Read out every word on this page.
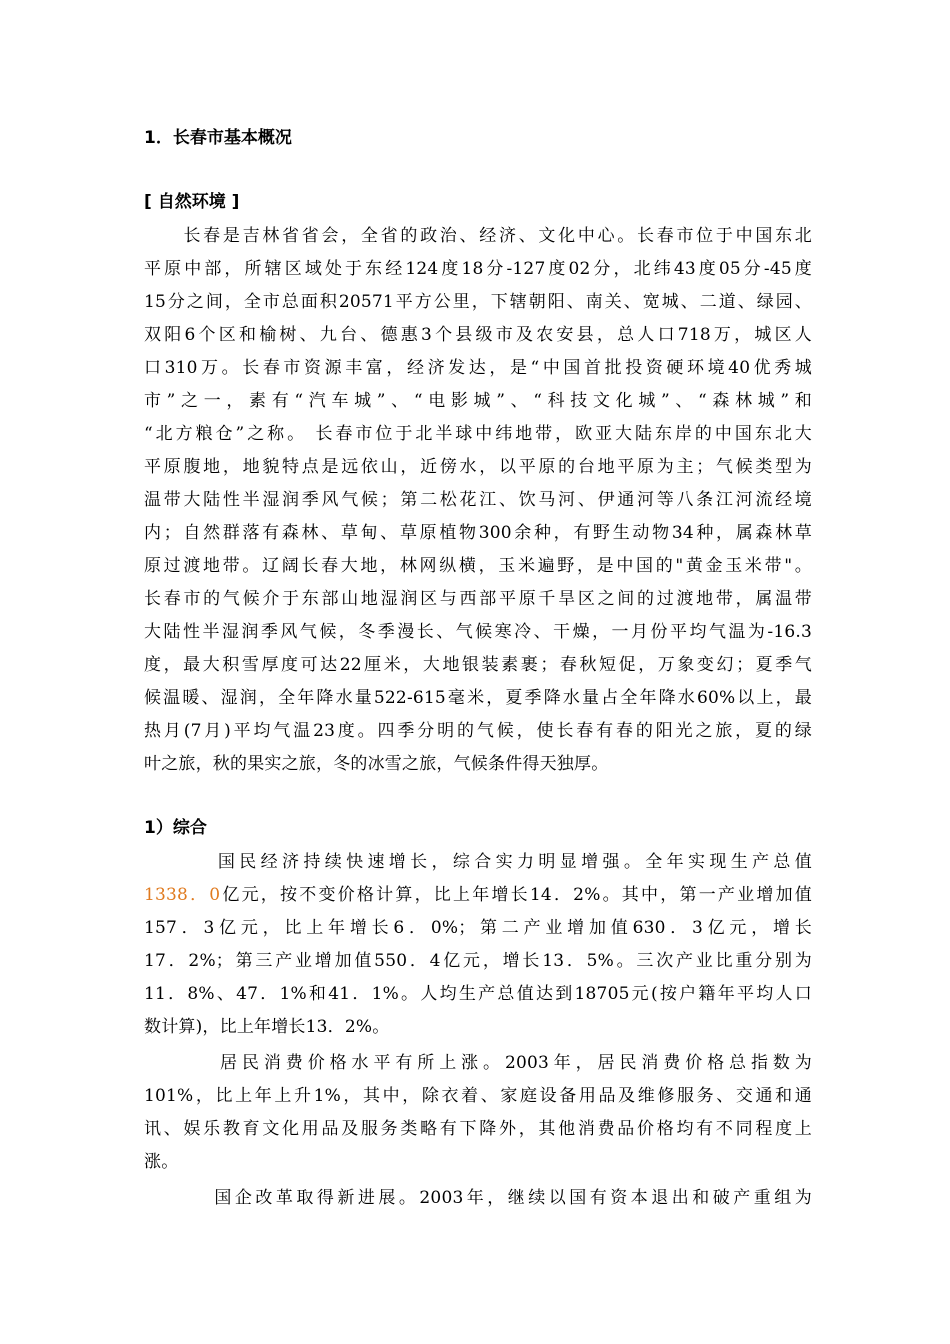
1．长春市基本概况
[ 自然环境 ]
　　长春是吉林省省会，全省的政治、经济、文化中心。长春市位于中国东北
平原中部，所辖区域处于东经124度18分-127度02分，北纬43度05分-45度
15分之间，全市总面积20571平方公里，下辖朝阳、南关、宽城、二道、绿园、
双阳6个区和榆树、九台、德惠3个县级市及农安县，总人口718万，城区人
口310万。长春市资源丰富，经济发达，是“中国首批投资硬环境40优秀城
市”之一，素有“汽车城”、“电影城”、“科技文化城”、“森林城”和
“北方粮仓”之称。 长春市位于北半球中纬地带，欧亚大陆东岸的中国东北大
平原腹地，地貌特点是远依山，近傍水，以平原的台地平原为主；气候类型为
温带大陆性半湿润季风气候；第二松花江、饮马河、伊通河等八条江河流经境
内；自然群落有森林、草甸、草原植物300余种，有野生动物34种，属森林草
原过渡地带。辽阔长春大地，林网纵横，玉米遍野，是中国的"黄金玉米带"。
长春市的气候介于东部山地湿润区与西部平原千旱区之间的过渡地带，属温带
大陆性半湿润季风气候，冬季漫长、气候寒冷、干燥，一月份平均气温为-16.3
度，最大积雪厚度可达22厘米，大地银装素裹；春秋短促，万象变幻；夏季气
候温暖、湿润，全年降水量522-615毫米，夏季降水量占全年降水60%以上，最
热月(7月)平均气温23度。四季分明的气候，使长春有春的阳光之旅，夏的绿
叶之旅，秋的果实之旅，冬的冰雪之旅，气候条件得天独厚。
1）综合
　　　 国民经济持续快速增长，综合实力明显增强。全年实现生产总值
1338．0亿元，按不变价格计算，比上年增长14．2%。其中，第一产业增加值
157．3亿元，比上年增长6．0%；第二产业增加值630．3亿元，增长
17．2%；第三产业增加值550．4亿元，增长13．5%。三次产业比重分别为
11．8%、47．1%和41．1%。人均生产总值达到18705元(按户籍年平均人口
数计算)，比上年增长13．2%。
　　　 居民消费价格水平有所上涨。2003年，居民消费价格总指数为
101%，比上年上升1%，其中，除衣着、家庭设备用品及维修服务、交通和通
讯、娱乐教育文化用品及服务类略有下降外，其他消费品价格均有不同程度上
涨。
　　　 国企改革取得新进展。2003年，继续以国有资本退出和破产重组为
